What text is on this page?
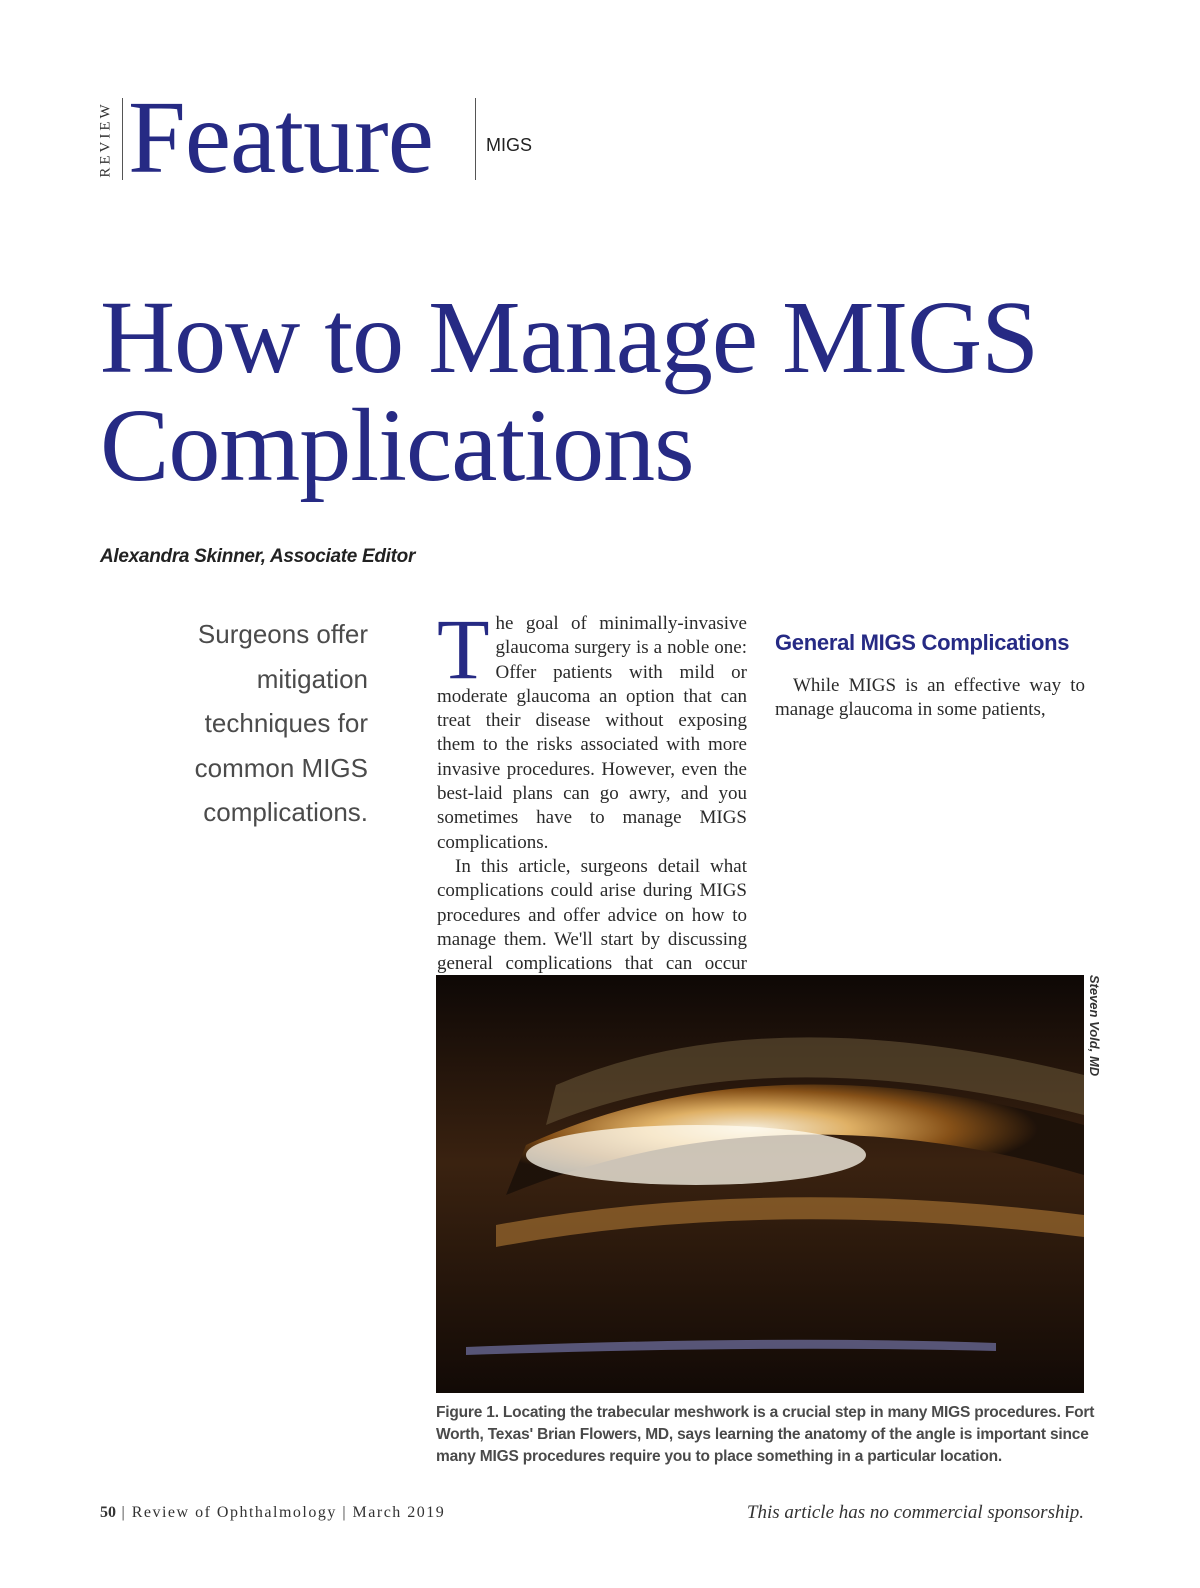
REVIEW Feature	MIGS
How to Manage MIGS
Complications
Alexandra Skinner, Associate Editor
Surgeons offer mitigation techniques for common MIGS complications.

The goal of minimally-invasive glaucoma surgery is a noble one: Offer patients with mild or moderate glaucoma an option that can treat their disease without exposing them to the risks associated with more invasive procedures. However, even the best-laid plans can go awry, and you sometimes have to manage MIGS complications.

In this article, surgeons detail what complications could arise during MIGS procedures and offer advice on how to manage them. We'll start by discussing general complications that can occur

General MIGS Complications

While MIGS is an effective way to manage glaucoma in some patients,

Steven Vold, MD
Figure 1. Locating the trabecular meshwork is a crucial step in many MIGS procedures. Fort Worth, Texas' Brian Flowers, MD, says learning the anatomy of the angle is important since many MIGS procedures require you to place something in a particular location.
50 | Review of Ophthalmology | March 2019	This article has no commercial sponsorship.
